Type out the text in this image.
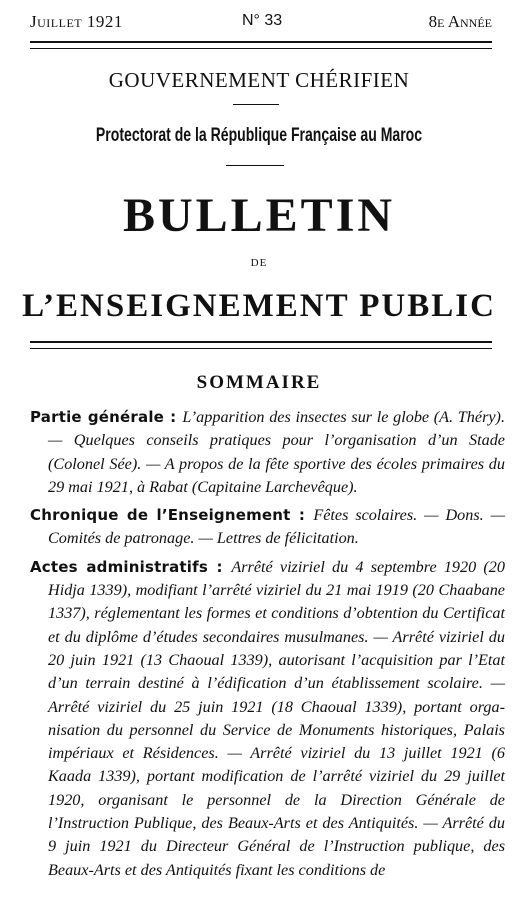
Juillet 1921	N° 33	8e Année
GOUVERNEMENT CHÉRIFIEN
Protectorat de la République Française au Maroc
BULLETIN
DE
L’ENSEIGNEMENT PUBLIC
SOMMAIRE

Partie générale : L’apparition des insectes sur le globe (A. Théry). — Quelques conseils pratiques pour l’organisation d’un Stade (Colonel Sée). — A propos de la fête sportive des écoles primaires du 29 mai 1921, à Rabat (Capitaine Larchevêque).

Chronique de l’Enseignement : Fêtes scolaires. — Dons. — Comités de patronage. — Lettres de félicitation.

Actes administratifs : Arrêté viziriel du 4 septembre 1920 (20 Hidja 1339), modifiant l’arrêté viziriel du 21 mai 1919 (20 Chaabane 1337), réglementant les formes et conditions d’obtention du Certificat et du diplôme d’études secondaires musulmanes. — Arrêté viziriel du 20 juin 1921 (13 Chaoual 1339), autorisant l’acquisition par l’Etat d’un terrain destiné à l’édification d’un établissement scolaire. — Arrêté viziriel du 25 juin 1921 (18 Chaoual 1339), portant organisation du personnel du Service de Monuments historiques, Palais impériaux et Résidences. — Arrêté viziriel du 13 juillet 1921 (6 Kaada 1339), portant modification de l’arrêté viziriel du 29 juillet 1920, organisant le personnel de la Direction Générale de l’Instruction Publique, des Beaux-Arts et des Antiquités. — Arrêté du 9 juin 1921 du Directeur Général de l’Instruction publique, des Beaux-Arts et des Antiquités fixant les conditions de
